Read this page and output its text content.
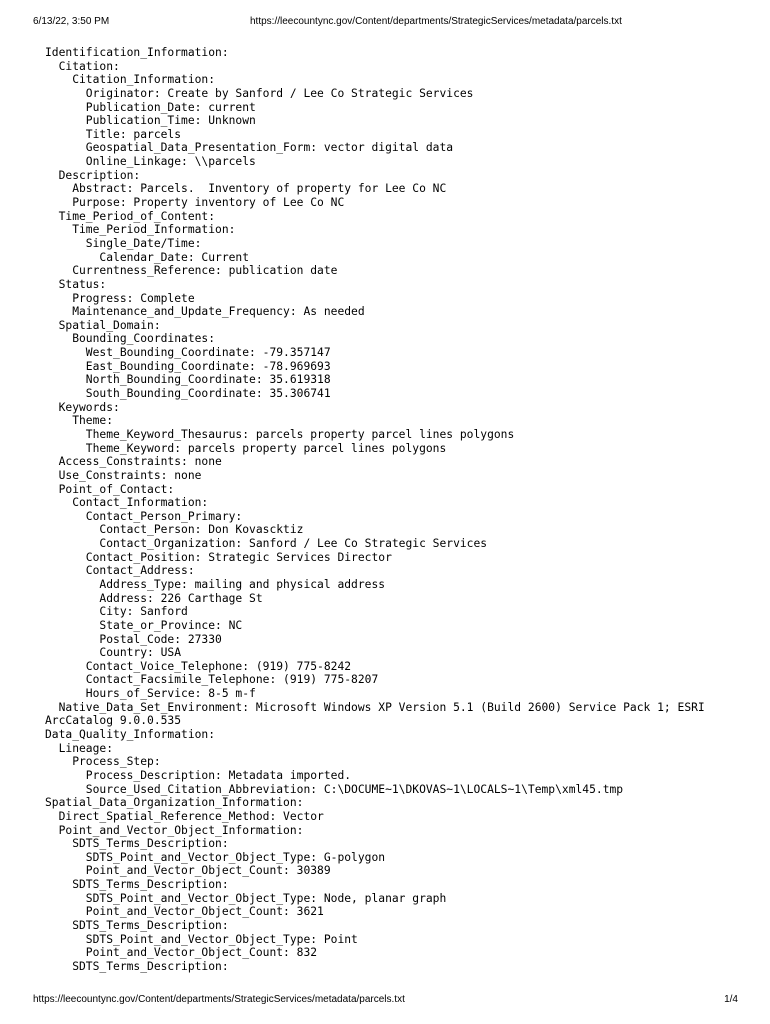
6/13/22, 3:50 PM	https://leecountync.gov/Content/departments/StrategicServices/metadata/parcels.txt
Identification_Information:
Citation:
Citation_Information:
Originator: Create by Sanford / Lee Co Strategic Services
Publication_Date: current
Publication_Time: Unknown
Title: parcels
Geospatial_Data_Presentation_Form: vector digital data
Online_Linkage: \\parcels
Description:
Abstract: Parcels.  Inventory of property for Lee Co NC
Purpose: Property inventory of Lee Co NC
Time_Period_of_Content:
Time_Period_Information:
Single_Date/Time:
Calendar_Date: Current
Currentness_Reference: publication date
Status:
Progress: Complete
Maintenance_and_Update_Frequency: As needed
Spatial_Domain:
Bounding_Coordinates:
West_Bounding_Coordinate: -79.357147
East_Bounding_Coordinate: -78.969693
North_Bounding_Coordinate: 35.619318
South_Bounding_Coordinate: 35.306741
Keywords:
Theme:
Theme_Keyword_Thesaurus: parcels property parcel lines polygons
Theme_Keyword: parcels property parcel lines polygons
Access_Constraints: none
Use_Constraints: none
Point_of_Contact:
Contact_Information:
Contact_Person_Primary:
Contact_Person: Don Kovascktiz
Contact_Organization: Sanford / Lee Co Strategic Services
Contact_Position: Strategic Services Director
Contact_Address:
Address_Type: mailing and physical address
Address: 226 Carthage St
City: Sanford
State_or_Province: NC
Postal_Code: 27330
Country: USA
Contact_Voice_Telephone: (919) 775-8242
Contact_Facsimile_Telephone: (919) 775-8207
Hours_of_Service: 8-5 m-f
Native_Data_Set_Environment: Microsoft Windows XP Version 5.1 (Build 2600) Service Pack 1; ESRI
ArcCatalog 9.0.0.535
Data_Quality_Information:
Lineage:
Process_Step:
Process_Description: Metadata imported.
Source_Used_Citation_Abbreviation: C:\DOCUME~1\DKOVAS~1\LOCALS~1\Temp\xml45.tmp
Spatial_Data_Organization_Information:
Direct_Spatial_Reference_Method: Vector
Point_and_Vector_Object_Information:
SDTS_Terms_Description:
SDTS_Point_and_Vector_Object_Type: G-polygon
Point_and_Vector_Object_Count: 30389
SDTS_Terms_Description:
SDTS_Point_and_Vector_Object_Type: Node, planar graph
Point_and_Vector_Object_Count: 3621
SDTS_Terms_Description:
SDTS_Point_and_Vector_Object_Type: Point
Point_and_Vector_Object_Count: 832
SDTS_Terms_Description:
https://leecountync.gov/Content/departments/StrategicServices/metadata/parcels.txt	1/4
